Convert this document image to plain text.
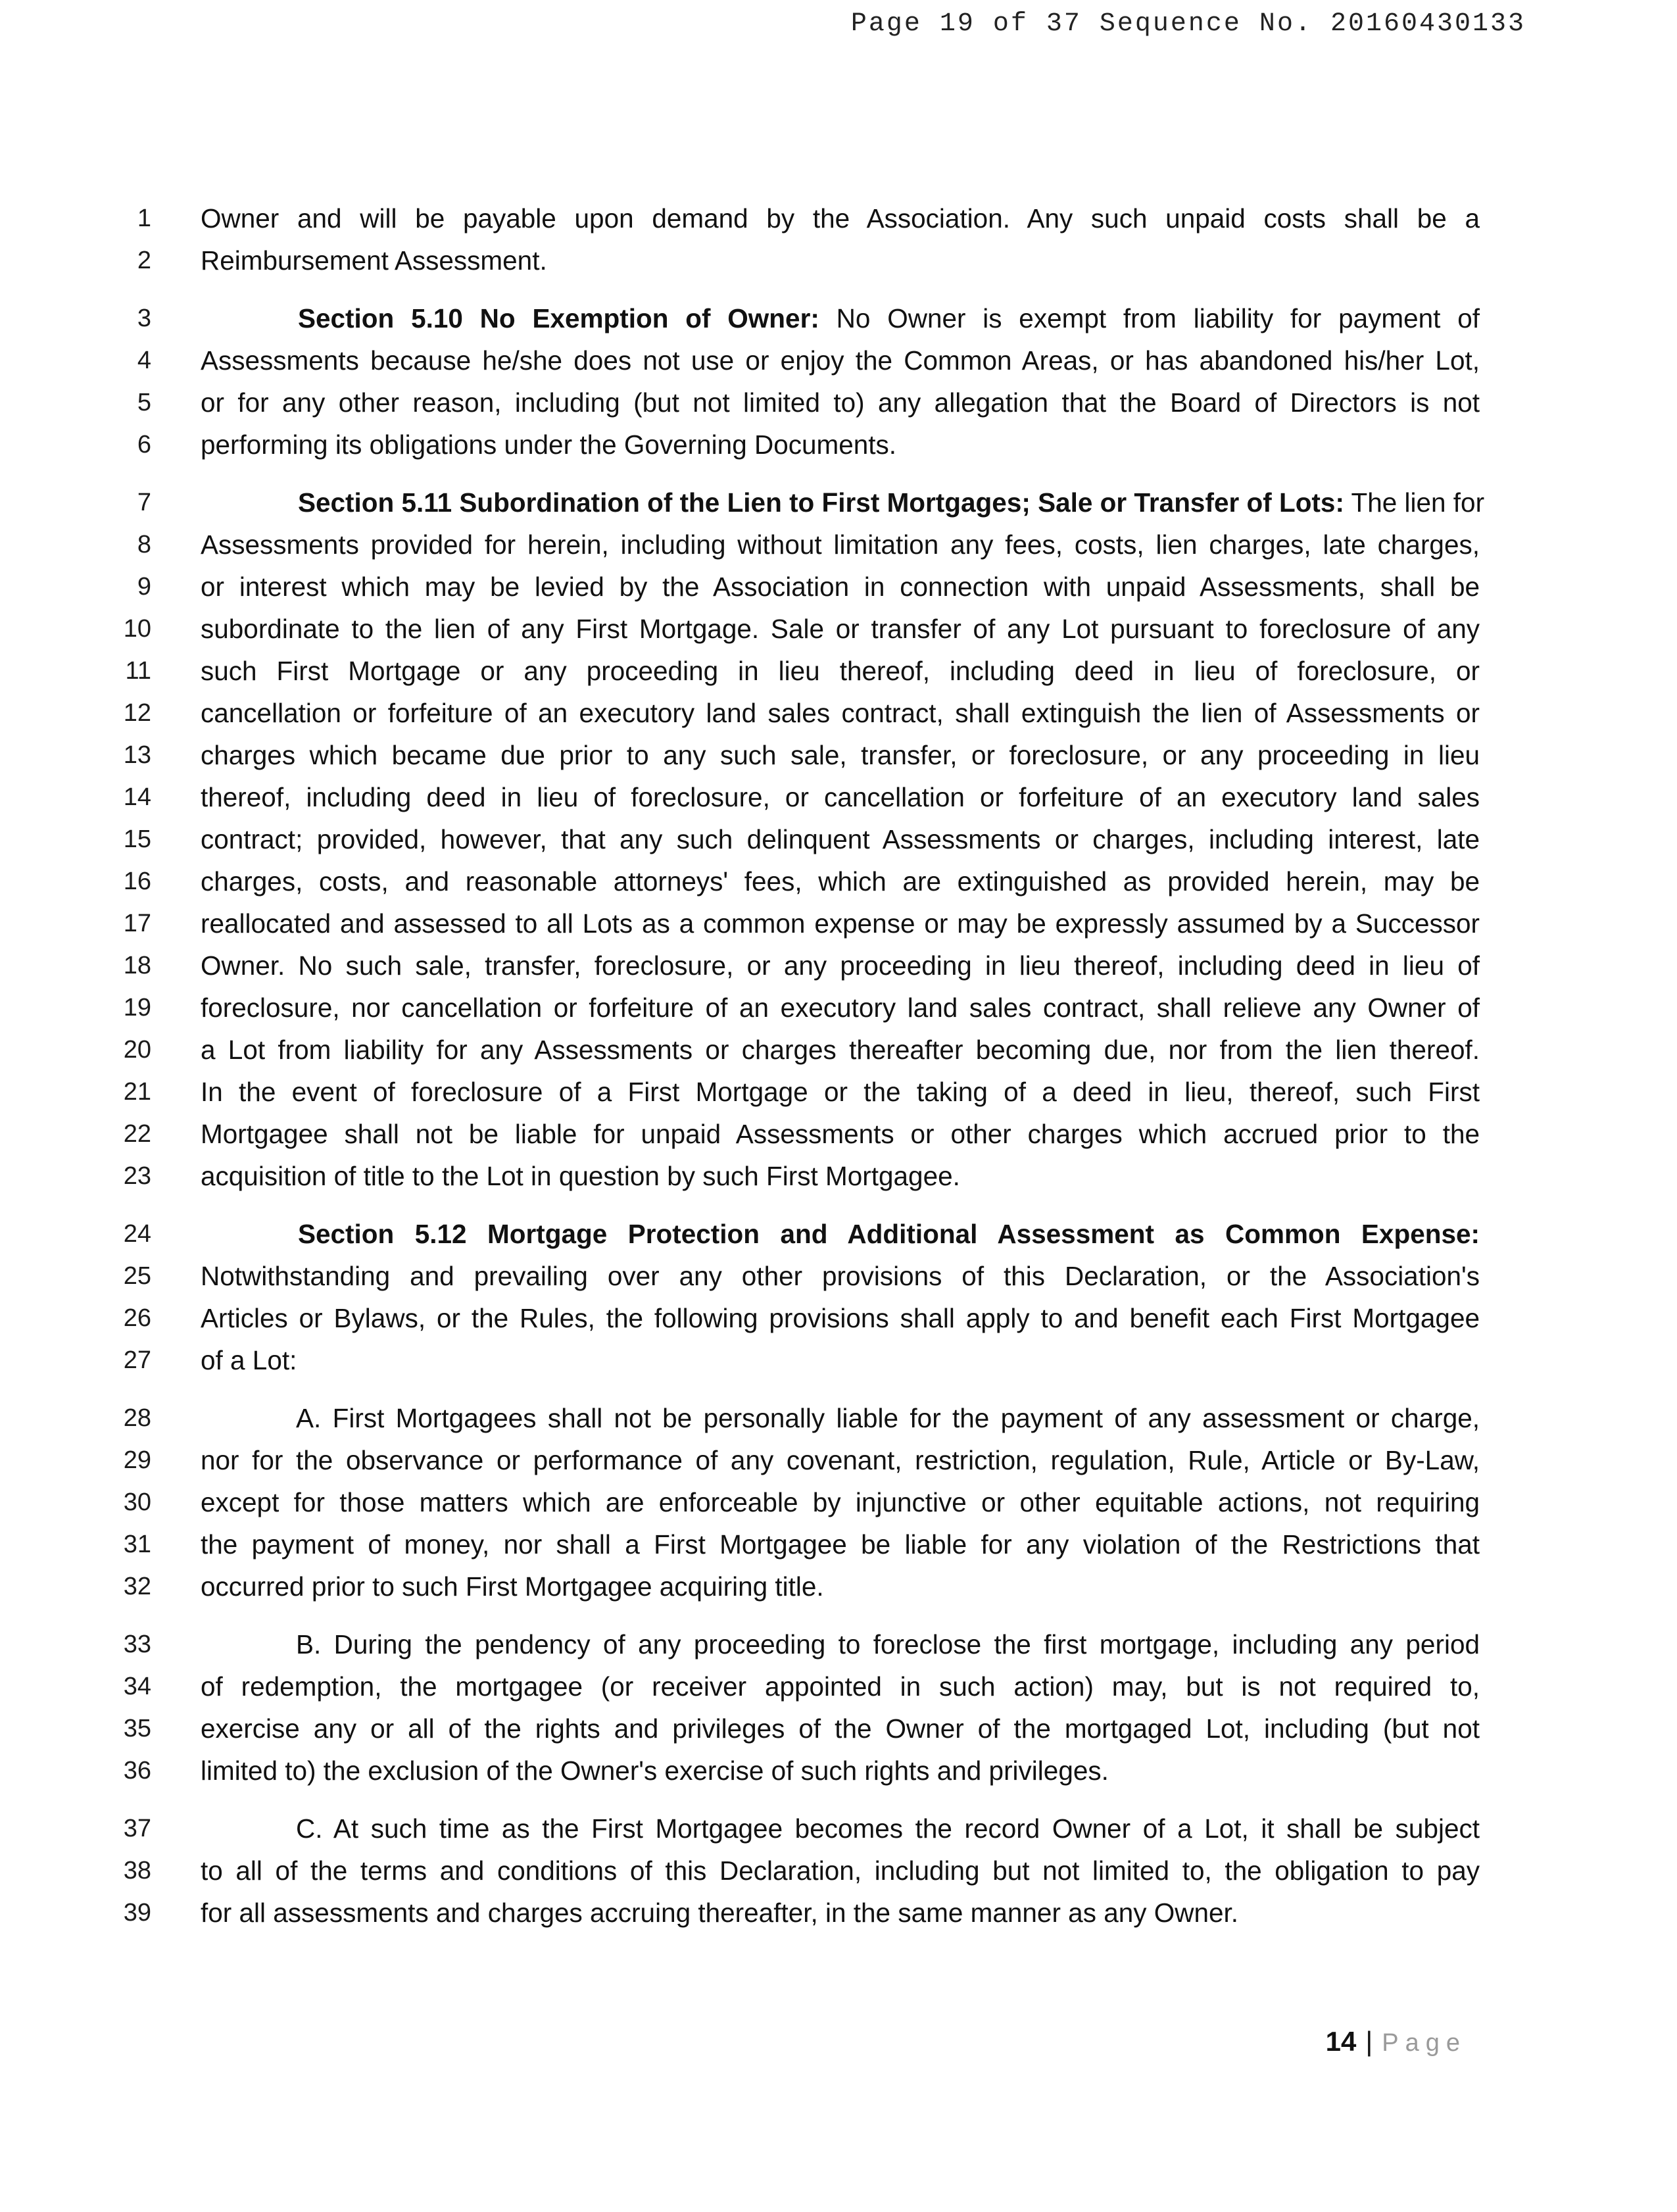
Page 19 of 37 Sequence No. 20160430133
1 Owner and will be payable upon demand by the Association. Any such unpaid costs shall be a
2 Reimbursement Assessment.
3	Section 5.10 No Exemption of Owner: No Owner is exempt from liability for payment of
4 Assessments because he/she does not use or enjoy the Common Areas, or has abandoned his/her Lot,
5 or for any other reason, including (but not limited to) any allegation that the Board of Directors is not
6 performing its obligations under the Governing Documents.
7	Section 5.11 Subordination of the Lien to First Mortgages; Sale or Transfer of Lots: The lien for
8 Assessments provided for herein, including without limitation any fees, costs, lien charges, late charges,
9 or interest which may be levied by the Association in connection with unpaid Assessments, shall be
10 subordinate to the lien of any First Mortgage. Sale or transfer of any Lot pursuant to foreclosure of any
11 such First Mortgage or any proceeding in lieu thereof, including deed in lieu of foreclosure, or
12 cancellation or forfeiture of an executory land sales contract, shall extinguish the lien of Assessments or
13 charges which became due prior to any such sale, transfer, or foreclosure, or any proceeding in lieu
14 thereof, including deed in lieu of foreclosure, or cancellation or forfeiture of an executory land sales
15 contract; provided, however, that any such delinquent Assessments or charges, including interest, late
16 charges, costs, and reasonable attorneys' fees, which are extinguished as provided herein, may be
17 reallocated and assessed to all Lots as a common expense or may be expressly assumed by a Successor
18 Owner. No such sale, transfer, foreclosure, or any proceeding in lieu thereof, including deed in lieu of
19 foreclosure, nor cancellation or forfeiture of an executory land sales contract, shall relieve any Owner of
20 a Lot from liability for any Assessments or charges thereafter becoming due, nor from the lien thereof.
21 In the event of foreclosure of a First Mortgage or the taking of a deed in lieu, thereof, such First
22 Mortgagee shall not be liable for unpaid Assessments or other charges which accrued prior to the
23 acquisition of title to the Lot in question by such First Mortgagee.
24	Section 5.12 Mortgage Protection and Additional Assessment as Common Expense:
25 Notwithstanding and prevailing over any other provisions of this Declaration, or the Association's
26 Articles or Bylaws, or the Rules, the following provisions shall apply to and benefit each First Mortgagee
27 of a Lot:
28	A. First Mortgagees shall not be personally liable for the payment of any assessment or charge,
29 nor for the observance or performance of any covenant, restriction, regulation, Rule, Article or By-Law,
30 except for those matters which are enforceable by injunctive or other equitable actions, not requiring
31 the payment of money, nor shall a First Mortgagee be liable for any violation of the Restrictions that
32 occurred prior to such First Mortgagee acquiring title.
33	B. During the pendency of any proceeding to foreclose the first mortgage, including any period
34 of redemption, the mortgagee (or receiver appointed in such action) may, but is not required to,
35 exercise any or all of the rights and privileges of the Owner of the mortgaged Lot, including (but not
36 limited to) the exclusion of the Owner's exercise of such rights and privileges.
37	C. At such time as the First Mortgagee becomes the record Owner of a Lot, it shall be subject
38 to all of the terms and conditions of this Declaration, including but not limited to, the obligation to pay
39 for all assessments and charges accruing thereafter, in the same manner as any Owner.
14 | Page
